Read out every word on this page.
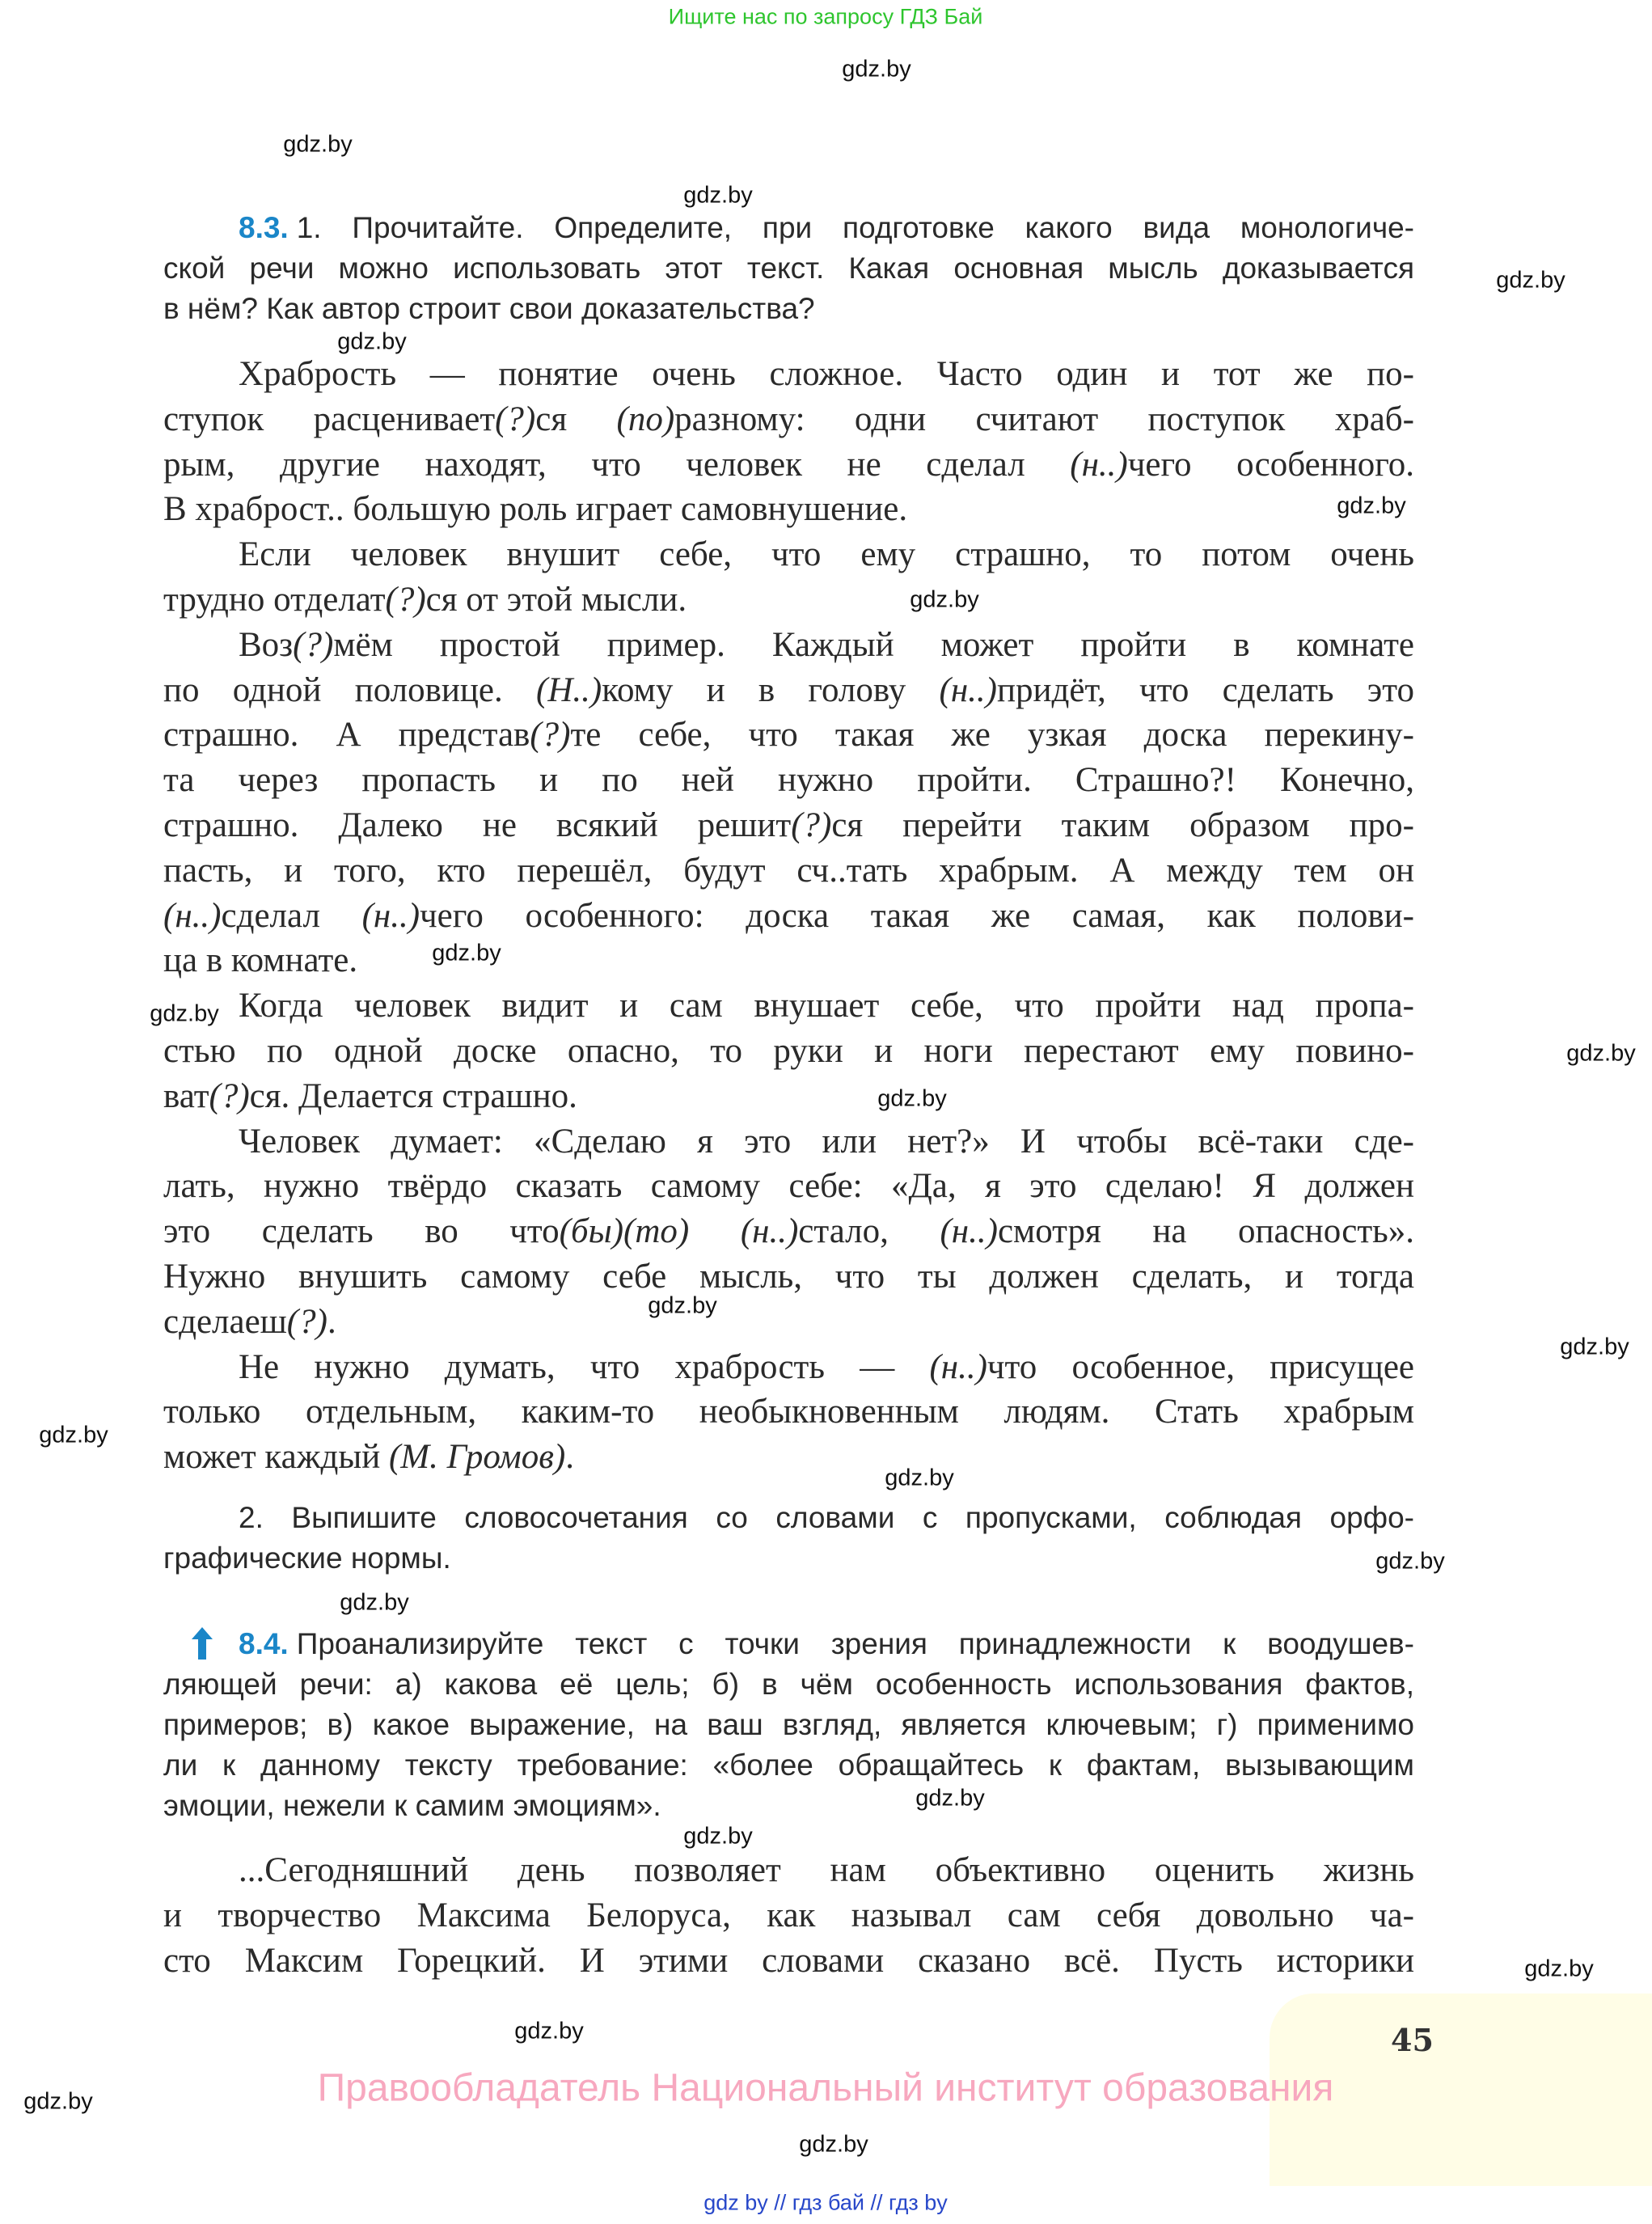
45
Ищите нас по запросу ГДЗ Бай
Правообладатель Национальный институт образования
gdz by // гдз бай // гдз by
8.3. 1. Прочитайте. Определите, при подготовке какого вида монологиче-
ской речи можно использовать этот текст. Какая основная мысль доказывается
в нём? Как автор строит свои доказательства?
Храбрость — понятие очень сложное. Часто один и тот же по-
ступок расценивает(?)ся (по)разному: одни считают поступок храб-
рым, другие находят, что человек не сделал (н..)чего особенного.
В храброст.. большую роль играет самовнушение.
Если человек внушит себе, что ему страшно, то потом очень
трудно отделат(?)ся от этой мысли.
Воз(?)мём простой пример. Каждый может пройти в комнате
по одной половице. (Н..)кому и в голову (н..)придёт, что сделать это
страшно. А представ(?)те себе, что такая же узкая доска перекину-
та через пропасть и по ней нужно пройти. Страшно?! Конечно,
страшно. Далеко не всякий решит(?)ся перейти таким образом про-
пасть, и того, кто перешёл, будут сч..тать храбрым. А между тем он
(н..)сделал (н..)чего особенного: доска такая же самая, как полови-
ца в комнате.
Когда человек видит и сам внушает себе, что пройти над пропа-
стью по одной доске опасно, то руки и ноги перестают ему повино-
ват(?)ся. Делается страшно.
Человек думает: «Сделаю я это или нет?» И чтобы всё-таки сде-
лать, нужно твёрдо сказать самому себе: «Да, я это сделаю! Я должен
это сделать во что(бы)(то) (н..)стало, (н..)смотря на опасность».
Нужно внушить самому себе мысль, что ты должен сделать, и тогда
сделаеш(?).
Не нужно думать, что храбрость — (н..)что особенное, присущее
только отдельным, каким-то необыкновенным людям. Стать храбрым
может каждый (М. Громов).
2. Выпишите словосочетания со словами с пропусками, соблюдая орфо-
графические нормы.
8.4. Проанализируйте текст с точки зрения принадлежности к воодушев-
ляющей речи: а) какова её цель; б) в чём особенность использования фактов,
примеров; в) какое выражение, на ваш взгляд, является ключевым; г) применимо
ли к данному тексту требование: «более обращайтесь к фактам, вызывающим
эмоции, нежели к самим эмоциям».
...Сегодняшний день позволяет нам объективно оценить жизнь
и творчество Максима Белоруса, как называл сам себя довольно ча-
сто Максим Горецкий. И этими словами сказано всё. Пусть историки
gdz.by
gdz.by
gdz.by
gdz.by
gdz.by
gdz.by
gdz.by
gdz.by
gdz.by
gdz.by
gdz.by
gdz.by
gdz.by
gdz.by
gdz.by
gdz.by
gdz.by
gdz.by
gdz.by
gdz.by
gdz.by
gdz.by
gdz.by
